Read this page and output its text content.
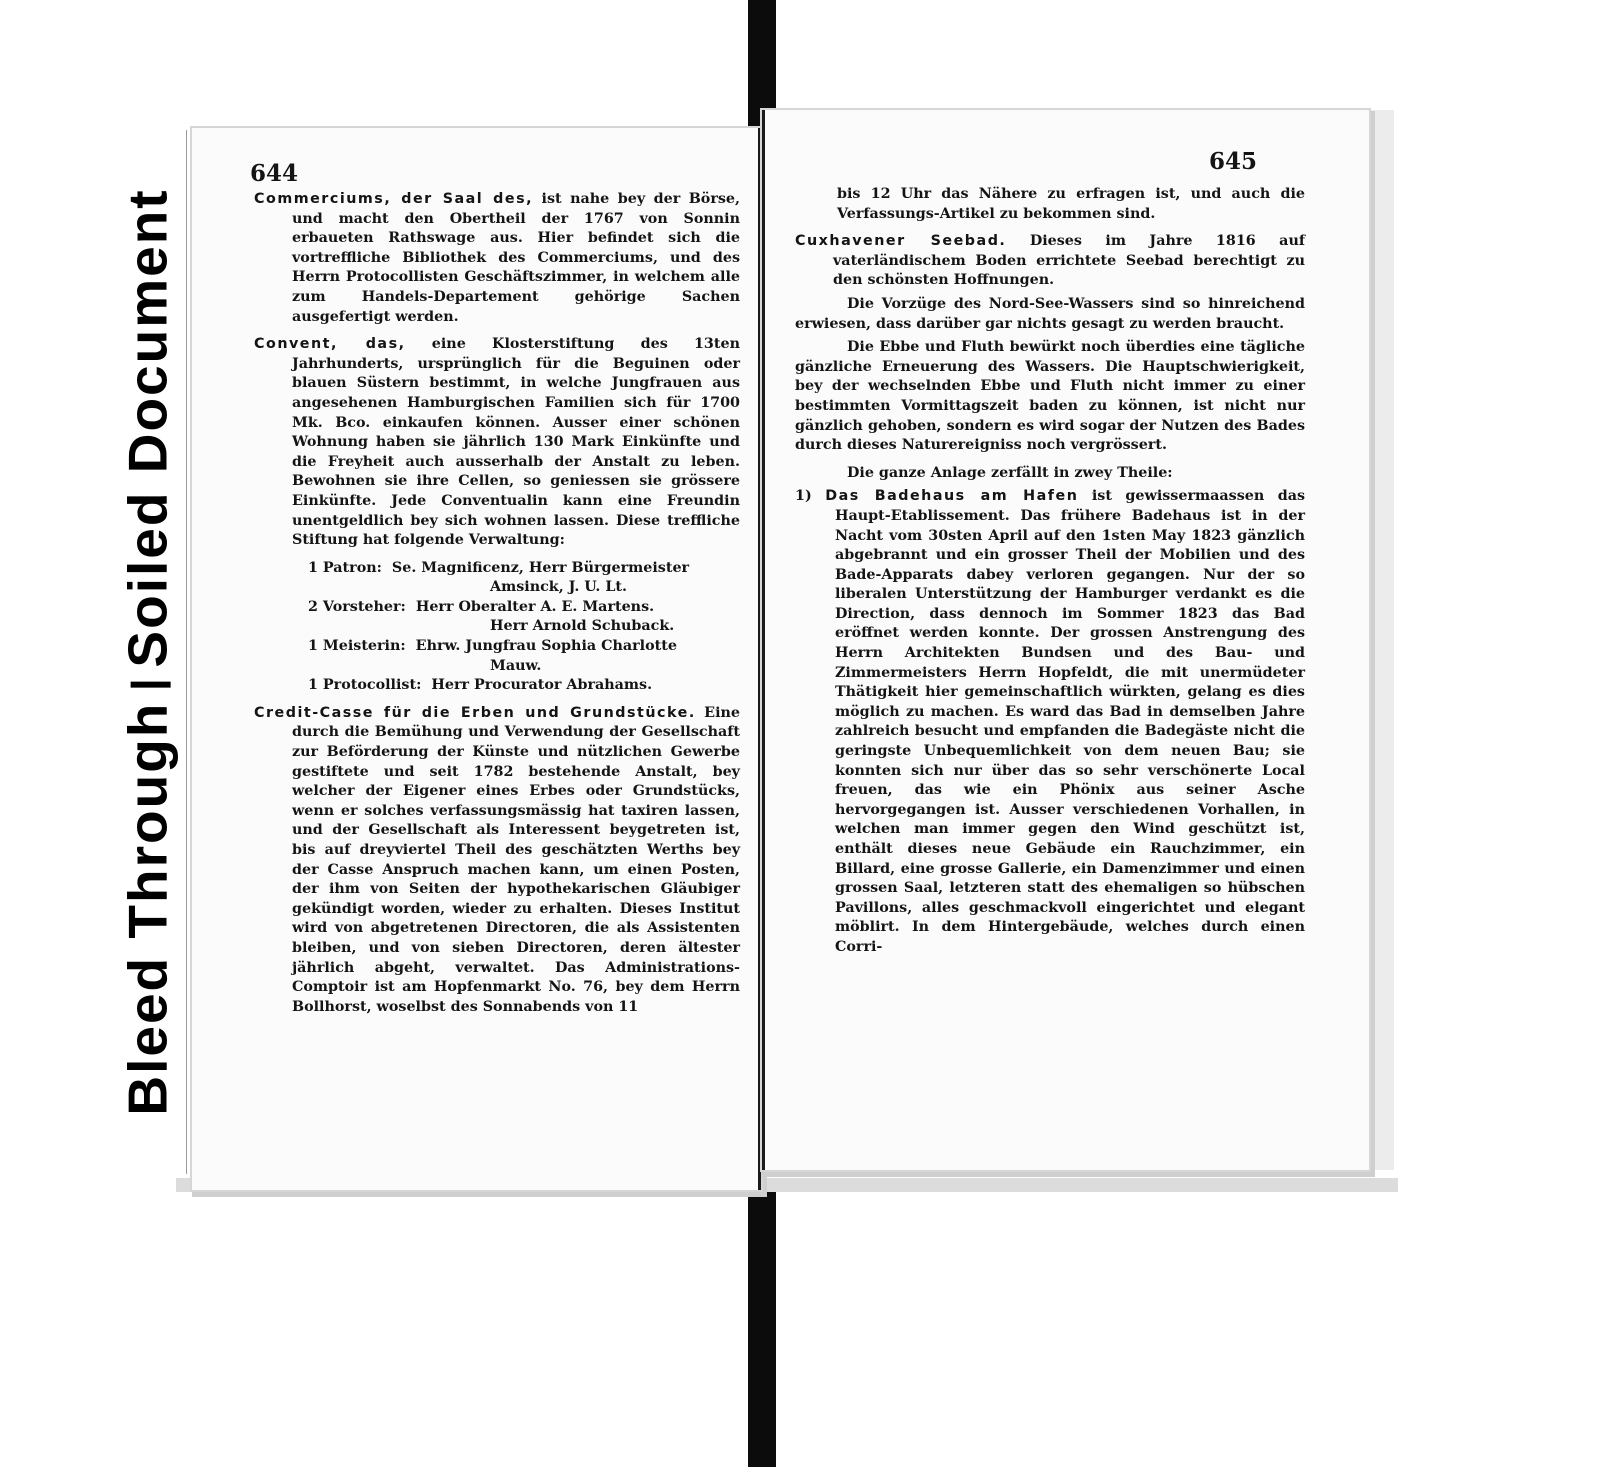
Bleed ThroughSoiled Document
644

Commerciums, der Saal des, ist nahe bey der Börse, und macht den Obertheil der 1767 von Sonnin erbaueten Rathswage aus. Hier befindet sich die vortreffliche Bibliothek des Commerciums, und des Herrn Protocollisten Geschäftszimmer, in welchem alle zum Handels-Departement gehörige Sachen ausgefertigt werden.

Convent, das, eine Klosterstiftung des 13ten Jahrhunderts, ursprünglich für die Beguinen oder blauen Süstern bestimmt, in welche Jungfrauen aus angesehenen Hamburgischen Familien sich für 1700 Mk. Bco. einkaufen können. Ausser einer schönen Wohnung haben sie jährlich 130 Mark Einkünfte und die Freyheit auch ausserhalb der Anstalt zu leben. Bewohnen sie ihre Cellen, so geniessen sie grössere Einkünfte. Jede Conventualin kann eine Freundin unentgeldlich bey sich wohnen lassen. Diese treffliche Stiftung hat folgende Verwaltung:

1 Patron: Se. Magnificenz, Herr Bürgermeister
Amsinck, J. U. Lt.
2 Vorsteher: Herr Oberalter A. E. Martens.
Herr Arnold Schuback.
1 Meisterin: Ehrw. Jungfrau Sophia Charlotte
Mauw.
1 Protocollist: Herr Procurator Abrahams.

Credit-Casse für die Erben und Grundstücke. Eine durch die Bemühung und Verwendung der Gesellschaft zur Beförderung der Künste und nützlichen Gewerbe gestiftete und seit 1782 bestehende Anstalt, bey welcher der Eigener eines Erbes oder Grundstücks, wenn er solches verfassungsmässig hat taxiren lassen, und der Gesellschaft als Interessent beygetreten ist, bis auf dreyviertel Theil des geschätzten Werths bey der Casse Anspruch machen kann, um einen Posten, der ihm von Seiten der hypothekarischen Gläubiger gekündigt worden, wieder zu erhalten. Dieses Institut wird von abgetretenen Directoren, die als Assistenten bleiben, und von sieben Directoren, deren ältester jährlich abgeht, verwaltet. Das Administrations-Comptoir ist am Hopfenmarkt No. 76, bey dem Herrn Bollhorst, woselbst des Sonnabends von 11

645

bis 12 Uhr das Nähere zu erfragen ist, und auch die Verfassungs-Artikel zu bekommen sind.

Cuxhavener Seebad. Dieses im Jahre 1816 auf vaterländischem Boden errichtete Seebad berechtigt zu den schönsten Hoffnungen.

Die Vorzüge des Nord-See-Wassers sind so hinreichend erwiesen, dass darüber gar nichts gesagt zu werden braucht.

Die Ebbe und Fluth bewürkt noch überdies eine tägliche gänzliche Erneuerung des Wassers. Die Hauptschwierigkeit, bey der wechselnden Ebbe und Fluth nicht immer zu einer bestimmten Vormittagszeit baden zu können, ist nicht nur gänzlich gehoben, sondern es wird sogar der Nutzen des Bades durch dieses Naturereigniss noch vergrössert.

Die ganze Anlage zerfällt in zwey Theile:

1) Das Badehaus am Hafen ist gewissermaassen das Haupt-Etablissement. Das frühere Badehaus ist in der Nacht vom 30sten April auf den 1sten May 1823 gänzlich abgebrannt und ein grosser Theil der Mobilien und des Bade-Apparats dabey verloren gegangen. Nur der so liberalen Unterstützung der Hamburger verdankt es die Direction, dass dennoch im Sommer 1823 das Bad eröffnet werden konnte. Der grossen Anstrengung des Herrn Architekten Bundsen und des Bau- und Zimmermeisters Herrn Hopfeldt, die mit unermüdeter Thätigkeit hier gemeinschaftlich würkten, gelang es dies möglich zu machen. Es ward das Bad in demselben Jahre zahlreich besucht und empfanden die Badegäste nicht die geringste Unbequemlichkeit von dem neuen Bau; sie konnten sich nur über das so sehr verschönerte Local freuen, das wie ein Phönix aus seiner Asche hervorgegangen ist. Ausser verschiedenen Vorhallen, in welchen man immer gegen den Wind geschützt ist, enthält dieses neue Gebäude ein Rauchzimmer, ein Billard, eine grosse Gallerie, ein Damenzimmer und einen grossen Saal, letzteren statt des ehemaligen so hübschen Pavillons, alles geschmackvoll eingerichtet und elegant möblirt. In dem Hintergebäude, welches durch einen Corri-
